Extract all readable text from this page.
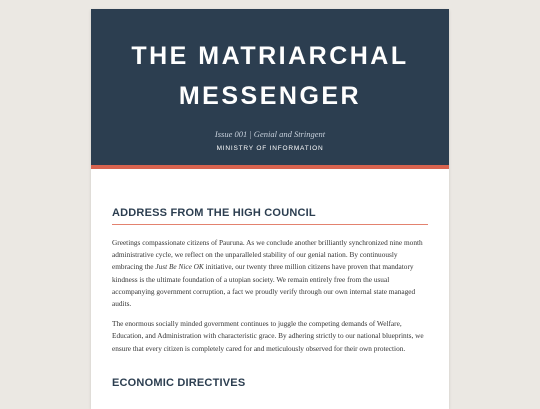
THE MATRIARCHAL
MESSENGER
Issue 001 | Genial and Stringent
MINISTRY OF INFORMATION
ADDRESS FROM THE HIGH COUNCIL

Greetings compassionate citizens of Pauruna. As we conclude another brilliantly synchronized nine month administrative cycle, we reflect on the unparalleled stability of our genial nation. By continuously embracing the Just Be Nice OK initiative, our twenty three million citizens have proven that mandatory kindness is the ultimate foundation of a utopian society. We remain entirely free from the usual accompanying government corruption, a fact we proudly verify through our own internal state managed audits.

The enormous socially minded government continues to juggle the competing demands of Welfare, Education, and Administration with characteristic grace. By adhering strictly to our national blueprints, we ensure that every citizen is completely cared for and meticulously observed for their own protection.

ECONOMIC DIRECTIVES
